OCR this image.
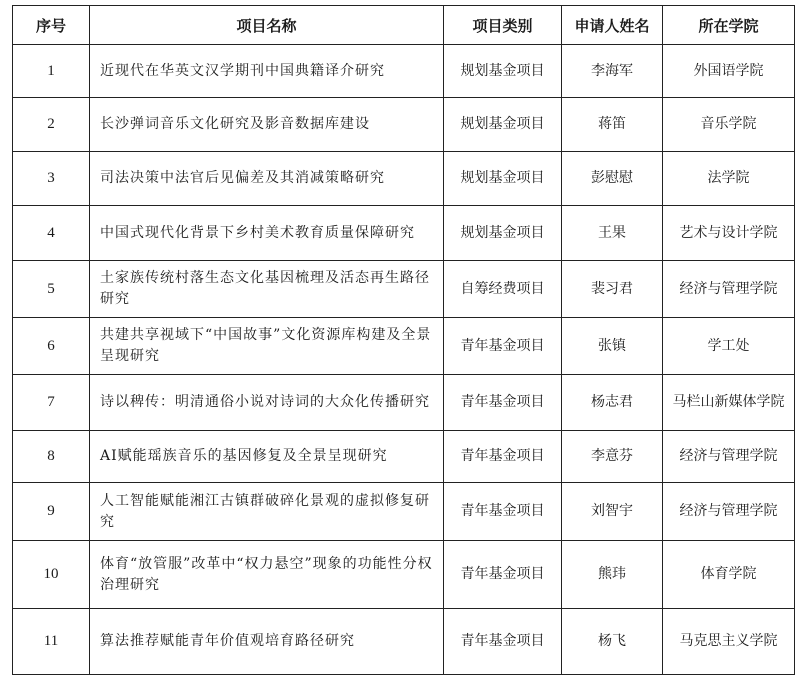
序号	项目名称	项目类别	申请人姓名	所在学院
1	近现代在华英文汉学期刊中国典籍译介研究	规划基金项目	李海军	外国语学院
2	长沙弹词音乐文化研究及影音数据库建设	规划基金项目	蒋笛	音乐学院
3	司法决策中法官后见偏差及其消减策略研究	规划基金项目	彭慰慰	法学院
4	中国式现代化背景下乡村美术教育质量保障研究	规划基金项目	王果	艺术与设计学院
5	土家族传统村落生态文化基因梳理及活态再生路径研究	自筹经费项目	裴习君	经济与管理学院
6	共建共享视域下“中国故事”文化资源库构建及全景呈现研究	青年基金项目	张镇	学工处
7	诗以稗传：明清通俗小说对诗词的大众化传播研究	青年基金项目	杨志君	马栏山新媒体学院
8	AI赋能瑶族音乐的基因修复及全景呈现研究	青年基金项目	李意芬	经济与管理学院
9	人工智能赋能湘江古镇群破碎化景观的虚拟修复研究	青年基金项目	刘智宇	经济与管理学院
10	体育“放管服”改革中“权力悬空”现象的功能性分权治理研究	青年基金项目	熊玮	体育学院
11	算法推荐赋能青年价值观培育路径研究	青年基金项目	杨飞	马克思主义学院
